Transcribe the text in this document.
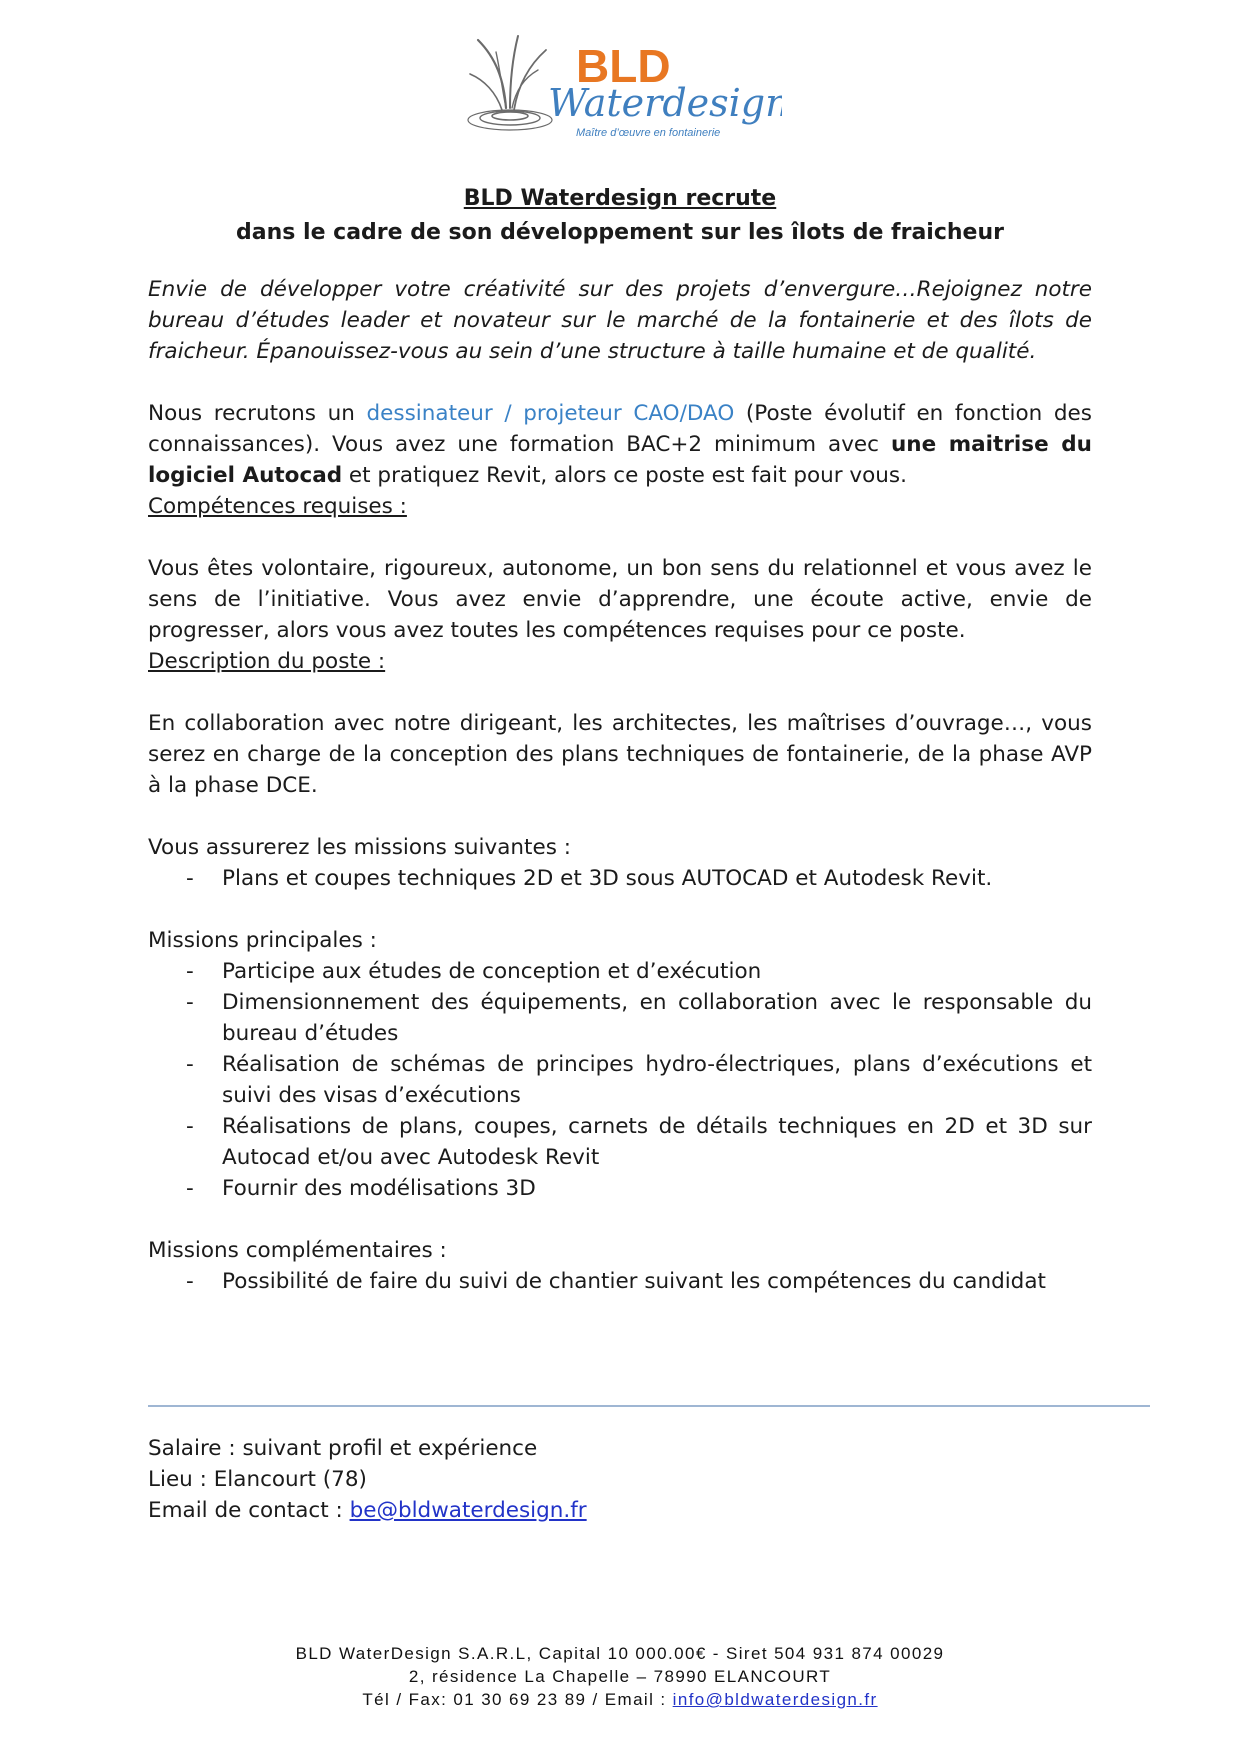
BLD
Waterdesign
Maître d’œuvre en fontainerie
BLD Waterdesign recrute
dans le cadre de son développement sur les îlots de fraicheur

Envie de développer votre créativité sur des projets d’envergure…Rejoignez notre bureau d’études leader et novateur sur le marché de la fontainerie et des îlots de fraicheur. Épanouissez-vous au sein d’une structure à taille humaine et de qualité.

Nous recrutons un dessinateur / projeteur CAO/DAO (Poste évolutif en fonction des connaissances). Vous avez une formation BAC+2 minimum avec une maitrise du logiciel Autocad et pratiquez Revit, alors ce poste est fait pour vous.

Compétences requises :

Vous êtes volontaire, rigoureux, autonome, un bon sens du relationnel et vous avez le sens de l’initiative. Vous avez envie d’apprendre, une écoute active, envie de progresser, alors vous avez toutes les compétences requises pour ce poste.

Description du poste :

En collaboration avec notre dirigeant, les architectes, les maîtrises d’ouvrage…, vous serez en charge de la conception des plans techniques de fontainerie, de la phase AVP à la phase DCE.

Vous assurerez les missions suivantes :

- Plans et coupes techniques 2D et 3D sous AUTOCAD et Autodesk Revit.

Missions principales :

- Participe aux études de conception et d’exécution
- Dimensionnement des équipements, en collaboration avec le responsable du bureau d’études
- Réalisation de schémas de principes hydro-électriques, plans d’exécutions et suivi des visas d’exécutions
- Réalisations de plans, coupes, carnets de détails techniques en 2D et 3D sur Autocad et/ou avec Autodesk Revit
- Fournir des modélisations 3D

Missions complémentaires :

- Possibilité de faire du suivi de chantier suivant les compétences du candidat
Salaire : suivant profil et expérience
Lieu : Elancourt (78)
Email de contact : be@bldwaterdesign.fr
BLD WaterDesign S.A.R.L, Capital 10 000.00€ - Siret 504 931 874 00029
2, résidence La Chapelle – 78990 ELANCOURT
Tél / Fax: 01 30 69 23 89 / Email : info@bldwaterdesign.fr
